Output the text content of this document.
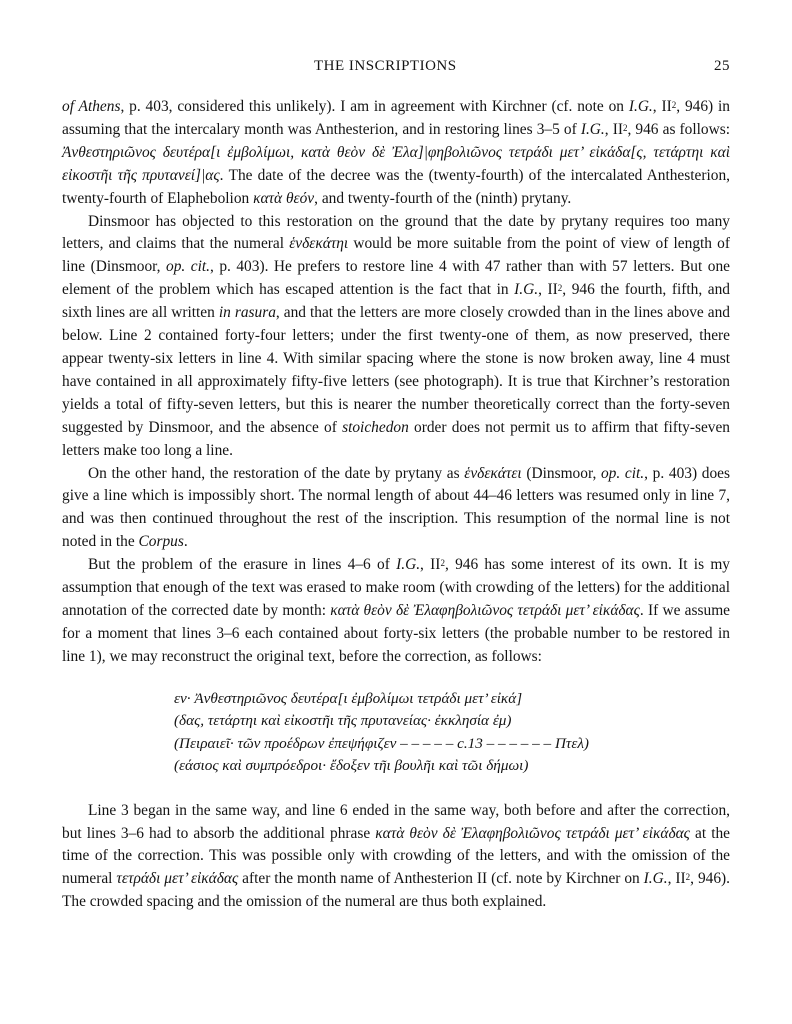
THE INSCRIPTIONS	25

of Athens, p. 403, considered this unlikely). I am in agreement with Kirchner (cf. note on I.G., $II^2$, 946) in assuming that the intercalary month was Anthesterion, and in restoring lines 3–5 of I.G., $II^2$, 946 as follows: Ἀνθεστηριῶνος δευτέρα[ι ἐμβολίμωι, κατὰ θεὸν δὲ Ἐλα]|φηβολιῶνος τετράδι μετ’ εἰκάδα[ς, τετάρτηι καὶ εἰκοστῆι τῆς πρυτανεί]|ας. The date of the decree was the (twenty-fourth) of the intercalated Anthesterion, twenty-fourth of Elaphebolion κατὰ θεόν, and twenty-fourth of the (ninth) prytany.

Dinsmoor has objected to this restoration on the ground that the date by prytany requires too many letters, and claims that the numeral ἑνδεκάτηι would be more suitable from the point of view of length of line (Dinsmoor, op. cit., p. 403). He prefers to restore line 4 with 47 rather than with 57 letters. But one element of the problem which has escaped attention is the fact that in I.G., $II^2$, 946 the fourth, fifth, and sixth lines are all written in rasura, and that the letters are more closely crowded than in the lines above and below. Line 2 contained forty-four letters; under the first twenty-one of them, as now preserved, there appear twenty-six letters in line 4. With similar spacing where the stone is now broken away, line 4 must have contained in all approximately fifty-five letters (see photograph). It is true that Kirchner’s restoration yields a total of fifty-seven letters, but this is nearer the number theoretically correct than the forty-seven suggested by Dinsmoor, and the absence of stoichedon order does not permit us to affirm that fifty-seven letters make too long a line.

On the other hand, the restoration of the date by prytany as ἑνδεκάτει (Dinsmoor, op. cit., p. 403) does give a line which is impossibly short. The normal length of about 44–46 letters was resumed only in line 7, and was then continued throughout the rest of the inscription. This resumption of the normal line is not noted in the Corpus.

But the problem of the erasure in lines 4–6 of I.G., $II^2$, 946 has some interest of its own. It is my assumption that enough of the text was erased to make room (with crowding of the letters) for the additional annotation of the corrected date by month: κατὰ θεὸν δὲ Ἐλαφηβολιῶνος τετράδι μετ’ εἰκάδας. If we assume for a moment that lines 3–6 each contained about forty-six letters (the probable number to be restored in line 1), we may reconstruct the original text, before the correction, as follows:

εν· Ἀνθεστηριῶνος δευτέρα[ι ἐμβολίμωι τετράδι μετ’ εἰκά]
(δας, τετάρτηι καὶ εἰκοστῆι τῆς πρυτανείας· ἐκκλησία ἐμ)
(Πειραιεῖ· τῶν προέδρων ἐπεψήφιζεν – – – – – c.13 – – – – – – Πτελ)
(εάσιος καὶ συμπρόεδροι· ἔδοξεν τῆι βουλῆι καὶ τῶι δήμωι)

Line 3 began in the same way, and line 6 ended in the same way, both before and after the correction, but lines 3–6 had to absorb the additional phrase κατὰ θεὸν δὲ Ἐλαφηβολιῶνος τετράδι μετ’ εἰκάδας at the time of the correction. This was possible only with crowding of the letters, and with the omission of the numeral τετράδι μετ’ εἰκάδας after the month name of Anthesterion II (cf. note by Kirchner on I.G., $II^2$, 946). The crowded spacing and the omission of the numeral are thus both explained.
